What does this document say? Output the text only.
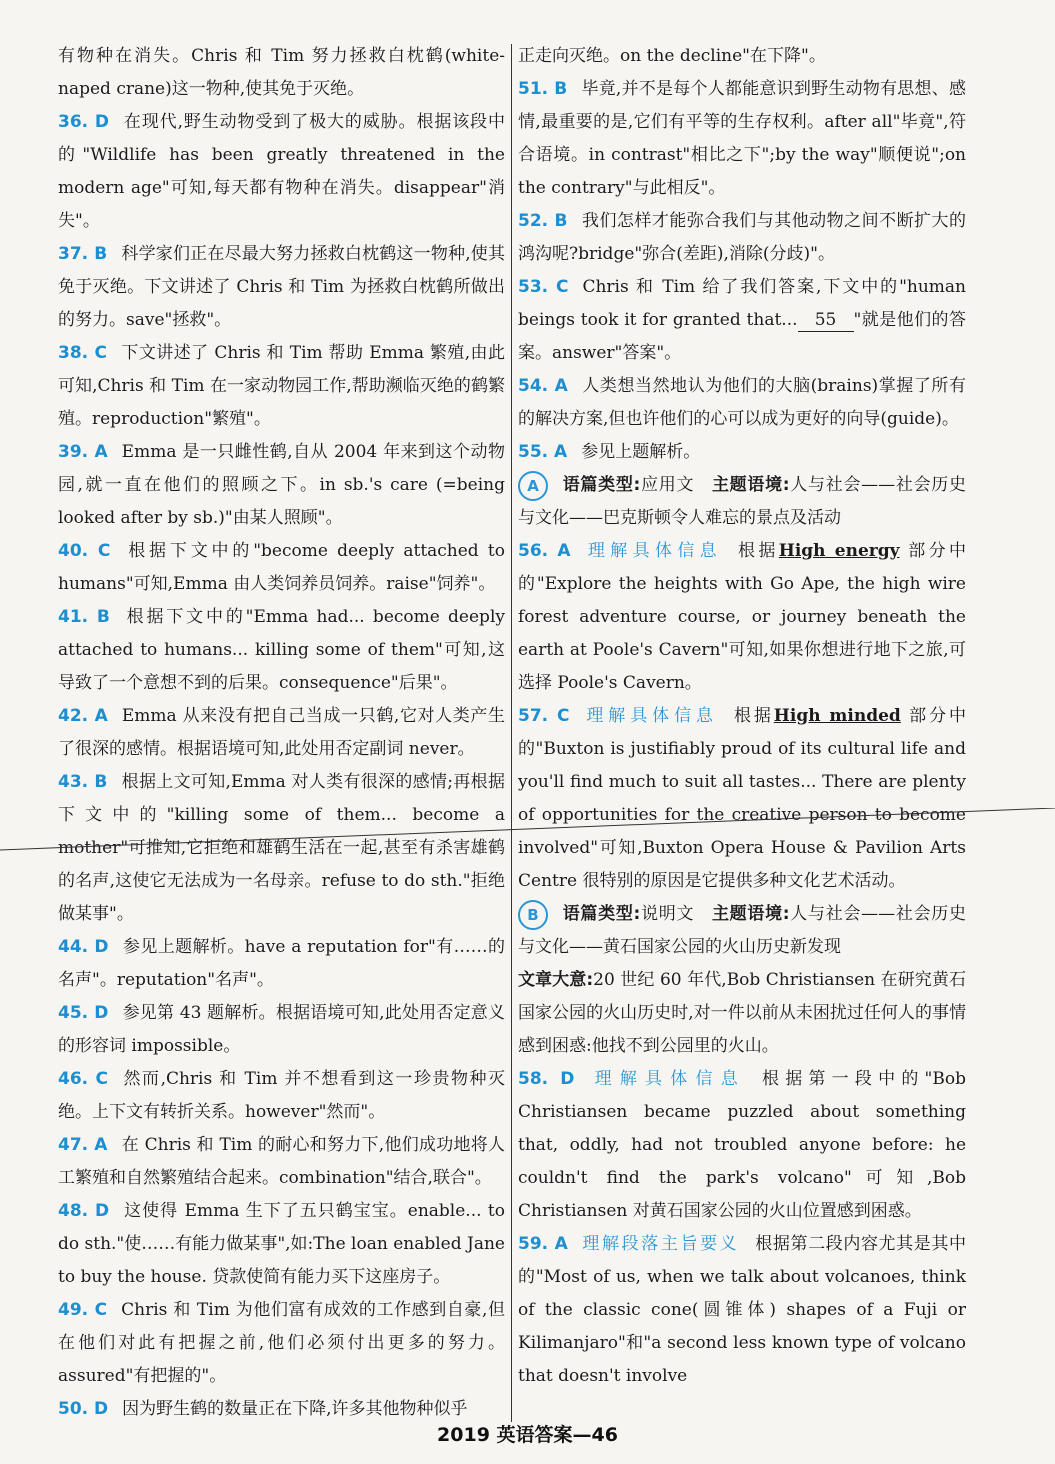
有物种在消失。Chris 和 Tim 努力拯救白枕鹤(white-naped crane)这一物种,使其免于灭绝。

36. D 在现代,野生动物受到了极大的威胁。根据该段中的"Wildlife has been greatly threatened in the modern age"可知,每天都有物种在消失。disappear"消失"。

37. B 科学家们正在尽最大努力拯救白枕鹤这一物种,使其免于灭绝。下文讲述了 Chris 和 Tim 为拯救白枕鹤所做出的努力。save"拯救"。

38. C 下文讲述了 Chris 和 Tim 帮助 Emma 繁殖,由此可知,Chris 和 Tim 在一家动物园工作,帮助濒临灭绝的鹤繁殖。reproduction"繁殖"。

39. A Emma 是一只雌性鹤,自从 2004 年来到这个动物园,就一直在他们的照顾之下。in sb.'s care (=being looked after by sb.)"由某人照顾"。

40. C 根据下文中的"become deeply attached to humans"可知,Emma 由人类饲养员饲养。raise"饲养"。

41. B 根据下文中的"Emma had... become deeply attached to humans... killing some of them"可知,这导致了一个意想不到的后果。consequence"后果"。

42. A Emma 从来没有把自己当成一只鹤,它对人类产生了很深的感情。根据语境可知,此处用否定副词 never。

43. B 根据上文可知,Emma 对人类有很深的感情;再根据下文中的"killing some of them... become a mother"可推知,它拒绝和雄鹤生活在一起,甚至有杀害雄鹤的名声,这使它无法成为一名母亲。refuse to do sth."拒绝做某事"。

44. D 参见上题解析。have a reputation for"有……的名声"。reputation"名声"。

45. D 参见第 43 题解析。根据语境可知,此处用否定意义的形容词 impossible。

46. C 然而,Chris 和 Tim 并不想看到这一珍贵物种灭绝。上下文有转折关系。however"然而"。

47. A 在 Chris 和 Tim 的耐心和努力下,他们成功地将人工繁殖和自然繁殖结合起来。combination"结合,联合"。

48. D 这使得 Emma 生下了五只鹤宝宝。enable... to do sth."使……有能力做某事",如:The loan enabled Jane to buy the house. 贷款使简有能力买下这座房子。

49. C Chris 和 Tim 为他们富有成效的工作感到自豪,但在他们对此有把握之前,他们必须付出更多的努力。assured"有把握的"。

50. D 因为野生鹤的数量正在下降,许多其他物种似乎

正走向灭绝。on the decline"在下降"。

51. B 毕竟,并不是每个人都能意识到野生动物有思想、感情,最重要的是,它们有平等的生存权利。after all"毕竟",符合语境。in contrast"相比之下";by the way"顺便说";on the contrary"与此相反"。

52. B 我们怎样才能弥合我们与其他动物之间不断扩大的鸿沟呢?bridge"弥合(差距),消除(分歧)"。

53. C Chris 和 Tim 给了我们答案,下文中的"human beings took it for granted that... 55 "就是他们的答案。answer"答案"。

54. A 人类想当然地认为他们的大脑(brains)掌握了所有的解决方案,但也许他们的心可以成为更好的向导(guide)。

55. A 参见上题解析。

A 语篇类型:应用文　 主题语境:人与社会——社会历史与文化——巴克斯顿令人难忘的景点及活动

56. A 理解具体信息 根据High energy 部分中的"Explore the heights with Go Ape, the high wire forest adventure course, or journey beneath the earth at Poole's Cavern"可知,如果你想进行地下之旅,可选择 Poole's Cavern。

57. C 理解具体信息 根据High minded 部分中的"Buxton is justifiably proud of its cultural life and you'll find much to suit all tastes... There are plenty of opportunities for the creative person to become involved"可知,Buxton Opera House & Pavilion Arts Centre 很特别的原因是它提供多种文化艺术活动。

B 语篇类型:说明文　 主题语境:人与社会——社会历史与文化——黄石国家公园的火山历史新发现

文章大意:20 世纪 60 年代,Bob Christiansen 在研究黄石国家公园的火山历史时,对一件以前从未困扰过任何人的事情感到困惑:他找不到公园里的火山。

58. D 理解具体信息 根据第一段中的"Bob Christiansen became puzzled about something that, oddly, had not troubled anyone before: he couldn't find the park's volcano"可知,Bob Christiansen 对黄石国家公园的火山位置感到困惑。

59. A 理解段落主旨要义 根据第二段内容尤其是其中的"Most of us, when we talk about volcanoes, think of the classic cone(圆锥体) shapes of a Fuji or Kilimanjaro"和"a second less known type of volcano that doesn't involve

2019 英语答案—46
